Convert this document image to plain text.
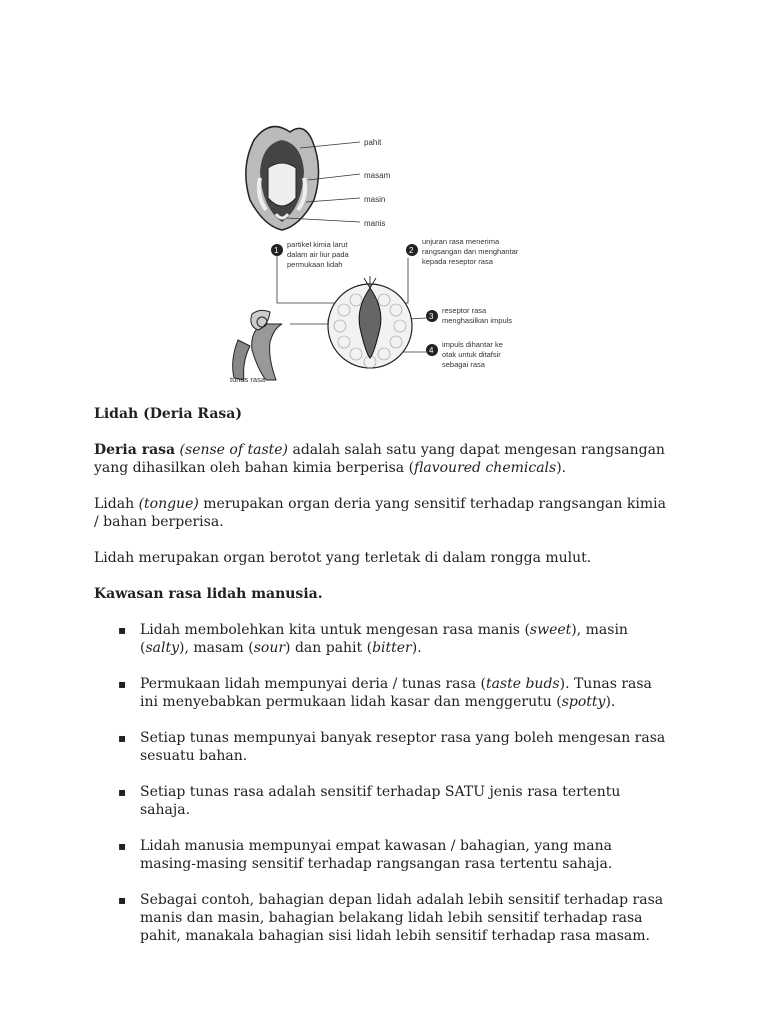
pahit
masam
masin
manis
1
partikel kimia larut dalam air liur pada permukaan lidah
2
unjuran rasa menerima rangsangan dan menghantar kepada reseptor rasa
3
reseptor rasa menghasilkan impuls
4
impuls dihantar ke otak untuk ditafsir sebagai rasa
tunas rasa

Lidah (Deria Rasa)

Deria rasa (sense of taste) adalah salah satu yang dapat mengesan rangsangan yang dihasilkan oleh bahan kimia berperisa (flavoured chemicals).

Lidah (tongue) merupakan organ deria yang sensitif terhadap rangsangan kimia / bahan berperisa.

Lidah merupakan organ berotot yang terletak di dalam rongga mulut.

Kawasan rasa lidah manusia.

▪ Lidah membolehkan kita untuk mengesan rasa manis (sweet), masin (salty), masam (sour) dan pahit (bitter).
▪ Permukaan lidah mempunyai deria / tunas rasa (taste buds). Tunas rasa ini menyebabkan permukaan lidah kasar dan menggerutu (spotty).
▪ Setiap tunas mempunyai banyak reseptor rasa yang boleh mengesan rasa sesuatu bahan.
▪ Setiap tunas rasa adalah sensitif terhadap SATU jenis rasa tertentu sahaja.
▪ Lidah manusia mempunyai empat kawasan / bahagian, yang mana masing-masing sensitif terhadap rangsangan rasa tertentu sahaja.
▪ Sebagai contoh, bahagian depan lidah adalah lebih sensitif terhadap rasa manis dan masin, bahagian belakang lidah lebih sensitif terhadap rasa pahit, manakala bahagian sisi lidah lebih sensitif terhadap rasa masam.
